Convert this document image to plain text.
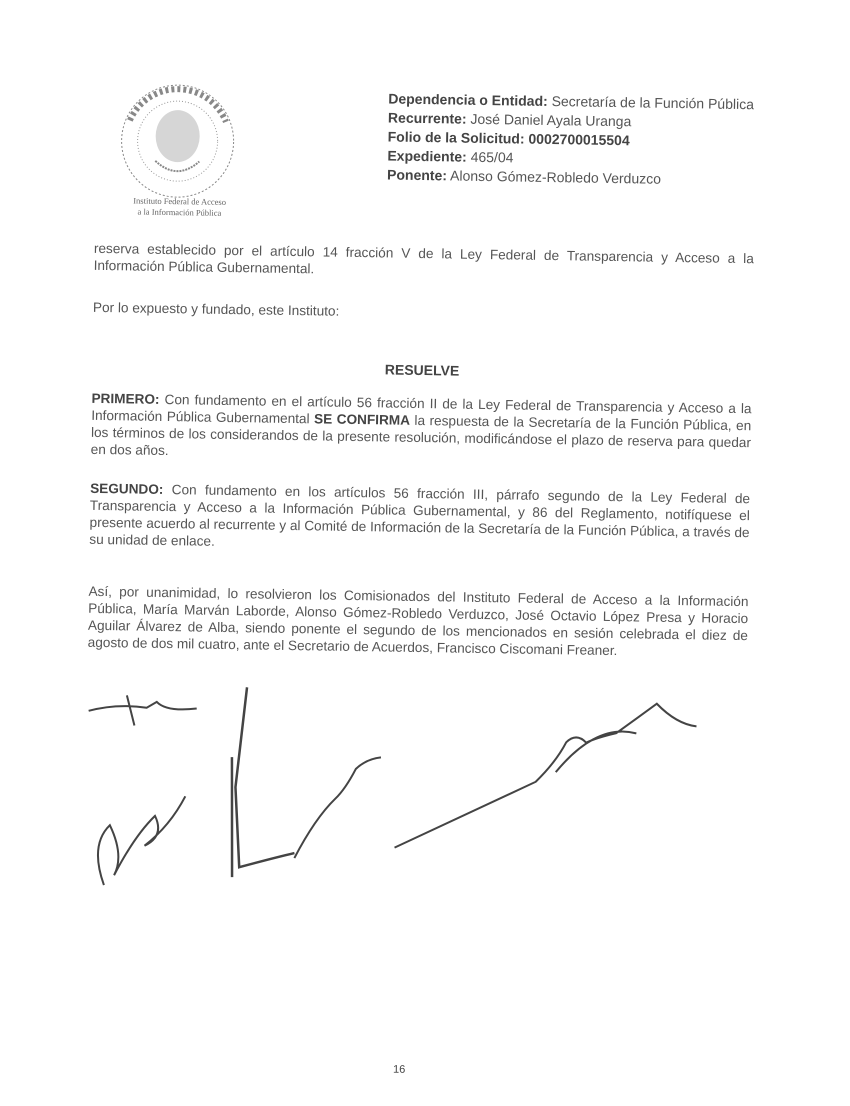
Instituto Federal de Acceso
a la Información Pública
Dependencia o Entidad: Secretaría de la Función Pública
Recurrente: José Daniel Ayala Uranga
Folio de la Solicitud: 0002700015504
Expediente: 465/04
Ponente: Alonso Gómez-Robledo Verduzco

reserva establecido por el artículo 14 fracción V de la Ley Federal de Transparencia y Acceso a la Información Pública Gubernamental.

Por lo expuesto y fundado, este Instituto:

RESUELVE

PRIMERO: Con fundamento en el artículo 56 fracción II de la Ley Federal de Transparencia y Acceso a la Información Pública Gubernamental SE CONFIRMA la respuesta de la Secretaría de la Función Pública, en los términos de los considerandos de la presente resolución, modificándose el plazo de reserva para quedar en dos años.

SEGUNDO: Con fundamento en los artículos 56 fracción III, párrafo segundo de la Ley Federal de Transparencia y Acceso a la Información Pública Gubernamental, y 86 del Reglamento, notifíquese el presente acuerdo al recurrente y al Comité de Información de la Secretaría de la Función Pública, a través de su unidad de enlace.

Así, por unanimidad, lo resolvieron los Comisionados del Instituto Federal de Acceso a la Información Pública, María Marván Laborde, Alonso Gómez-Robledo Verduzco, José Octavio López Presa y Horacio Aguilar Álvarez de Alba, siendo ponente el segundo de los mencionados en sesión celebrada el diez de agosto de dos mil cuatro, ante el Secretario de Acuerdos, Francisco Ciscomani Freaner.

16
